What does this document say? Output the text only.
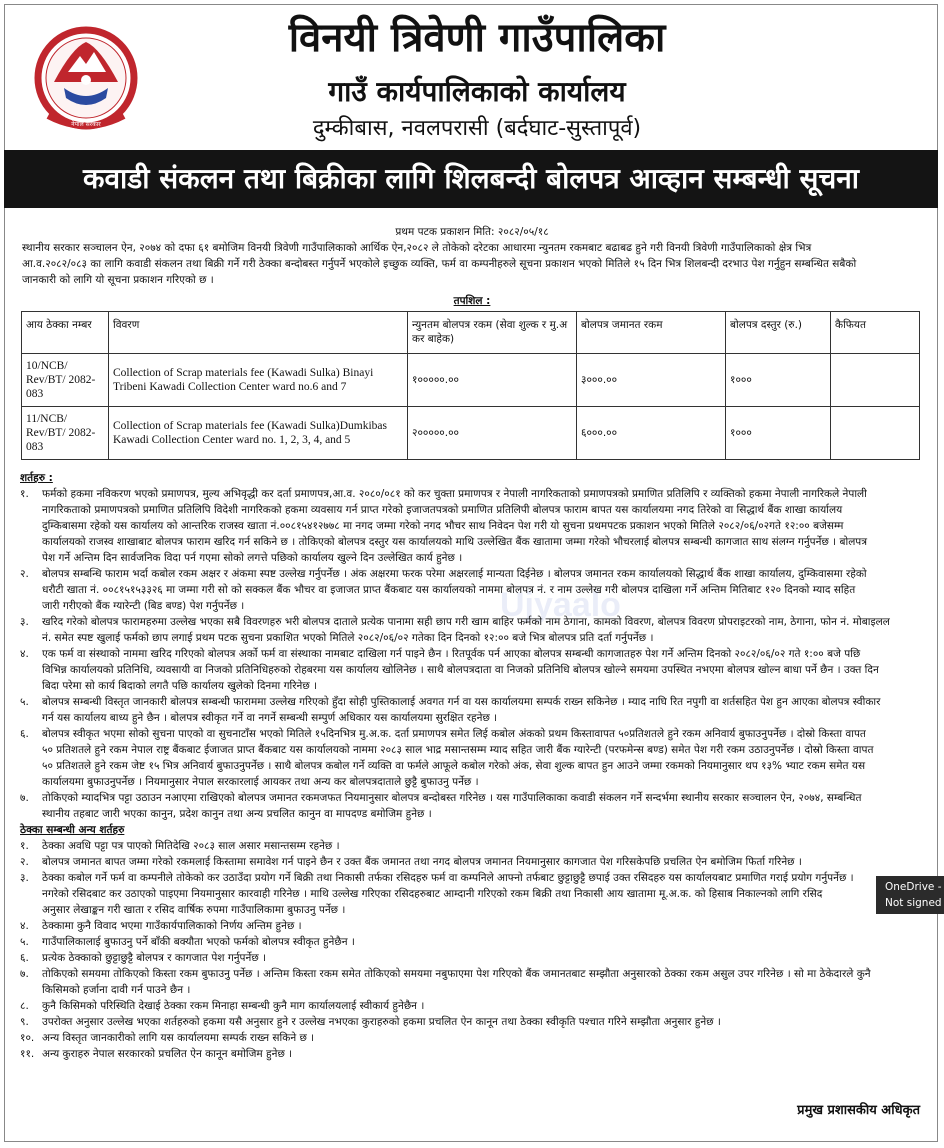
नेपाल सरकार
विनयी त्रिवेणी गाउँपालिका
गाउँ कार्यपालिकाको कार्यालय
दुम्कीबास, नवलपरासी (बर्दघाट-सुस्तापूर्व)
कवाडी संकलन तथा बिक्रीका लागि शिलबन्दी बोलपत्र आव्हान सम्बन्धी सूचना
Ujyaalo
प्रथम पटक प्रकाशन मिति: २०८२/०५/१८
स्थानीय सरकार सञ्चालन ऐन, २०७४ को दफा ६१ बमोजिम विनयी त्रिवेणी गाउँपालिकाको आर्थिक ऐन,२०८२ ले तोकेको दरेटका आधारमा न्युनतम रकमबाट बढाबढ हुने गरी विनयी त्रिवेणी गाउँपालिकाको क्षेत्र भित्र
आ.व.२०८२/०८३ का लागि कवाडी संकलन तथा बिक्री गर्ने गरी ठेक्का बन्दोबस्त गर्नुपर्ने भएकोले इच्छुक व्यक्ति, फर्म वा कम्पनीहरुले सूचना प्रकाशन भएको मितिले १५ दिन भित्र शिलबन्दी दरभाउ पेश गर्नुहुन सम्बन्धित सबैको
जानकारी को लागि यो सूचना प्रकाशन गरिएको छ ।
तपशिल :
आय ठेक्का नम्बर	विवरण	न्युनतम बोलपत्र रकम (सेवा शुल्क र मु.अ कर बाहेक)	बोलपत्र जमानत रकम	बोलपत्र दस्तुर (रु.)	कैफियत
10/NCB/ Rev/BT/ 2082-083	Collection of Scrap materials fee (Kawadi Sulka) Binayi Tribeni Kawadi Collection Center ward no.6 and 7	१०००००.००	३०००.००	१०००	
11/NCB/ Rev/BT/ 2082-083	Collection of Scrap materials fee (Kawadi Sulka)Dumkibas Kawadi Collection Center ward no. 1, 2, 3, 4, and 5	२०००००.००	६०००.००	१०००	
शर्तहरु :
१. फर्मको हकमा नविकरण भएको प्रमाणपत्र, मुल्य अभिवृद्धी कर दर्ता प्रमाणपत्र,आ.व. २०८०/०८१ को कर चुक्ता प्रमाणपत्र र नेपाली नागरिकताको प्रमाणपत्रको प्रमाणित प्रतिलिपि र व्यक्तिको हकमा नेपाली नागरिकले नेपाली
नागरिकताको प्रमाणपत्रको प्रमाणित प्रतिलिपि विदेशी नागरिकको हकमा व्यवसाय गर्न प्राप्त गरेको इजाजतपत्रको प्रमाणित प्रतिलिपी बोलपत्र फाराम बापत यस कार्यालयमा नगद तिरेको वा सिद्धार्थ बैंक शाखा कार्यालय
दुम्किबासमा रहेको यस कार्यालय को आन्तरिक राजस्व खाता नं.००८१५४१२७७८ मा नगद जम्मा गरेको नगद भौचर साथ निवेदन पेश गरी यो सुचना प्रथमपटक प्रकाशन भएको मितिले २०८२/०६/०२गते १२:०० बजेसम्म
कार्यालयको राजस्व शाखाबाट बोलपत्र फाराम खरिद गर्न सकिने छ । तोकिएको बोलपत्र दस्तुर यस कार्यालयको माथि उल्लेखित बैंक खातामा जम्मा गरेको भौचरलाई बोलपत्र सम्बन्धी कागजात साथ संलग्न गर्नुपर्नेछ । बोलपत्र
पेश गर्ने अन्तिम दिन सार्वजनिक विदा पर्न गएमा सोको लगत्ते पछिको कार्यालय खुल्ने दिन उल्लेखित कार्य हुनेछ ।
२. बोलपत्र सम्बन्धि फाराम भर्दा कबोल रकम अक्षर र अंकमा स्पष्ट उल्लेख गर्नुपर्नेछ । अंक अक्षरमा फरक परेमा अक्षरलाई मान्यता दिईनेछ । बोलपत्र जमानत रकम कार्यालयको सिद्धार्थ बैंक शाखा कार्यालय, दुम्किवासमा रहेको
धरौटी खाता नं. ००८१५१५३३२६ मा जम्मा गरी सो को सक्कल बैंक भौचर वा इजाजत प्राप्त बैंकबाट यस कार्यालयको नाममा बोलपत्र नं. र नाम उल्लेख गरी बोलपत्र दाखिला गर्ने अन्तिम मितिबाट १२० दिनको म्याद सहित
जारी गरीएको बैंक ग्यारेन्टी (बिड बण्ड) पेश गर्नुपर्नेछ ।
३. खरिद गरेको बोलपत्र फारामहरुमा उल्लेख भएका सबै विवरणहरु भरी बोलपत्र दाताले प्रत्येक पानामा सही छाप गरी खाम बाहिर फर्मको नाम ठेगाना, कामको विवरण, बोलपत्र विवरण प्रोपराइटरको नाम, ठेगाना, फोन नं. मोबाइलल
नं. समेत स्पष्ट खुलाई फर्मको छाप लगाई प्रथम पटक सुचना प्रकाशित भएको मितिले २०८२/०६/०२ गतेका दिन दिनको १२:०० बजे भित्र बोलपत्र प्रति दर्ता गर्नुपर्नेछ ।
४. एक फर्म वा संस्थाको नाममा खरिद गरिएको बोलपत्र अर्को फर्म वा संस्थाका नामबाट दाखिला गर्न पाइने छैन । रितपूर्वक पर्न आएका बोलपत्र सम्बन्धी कागजातहरु पेश गर्ने अन्तिम दिनको २०८२/०६/०२ गते १:०० बजे पछि
विभिन्न कार्यालयको प्रतिनिधि, व्यवसायी वा निजको प्रतिनिधिहरुको रोहबरमा यस कार्यालय खोलिनेछ । साथै बोलपत्रदाता वा निजको प्रतिनिधि बोलपत्र खोल्ने समयमा उपस्थित नभएमा बोलपत्र खोल्न बाधा पर्ने छैन । उक्त दिन
बिदा परेमा सो कार्य बिदाको लगतै पछि कार्यालय खुलेको दिनमा गरिनेछ ।
५. बोलपत्र सम्बन्धी विस्तृत जानकारी बोलपत्र सम्बन्धी फाराममा उल्लेख गरिएको हुँदा सोही पुस्तिकालाई अवगत गर्न वा यस कार्यालयमा सम्पर्क राख्न सकिनेछ । म्याद नाघि रित नपुगी वा शर्तसहित पेश हुन आएका बोलपत्र स्वीकार
गर्न यस कार्यालय बाध्य हुने छैन । बोलपत्र स्वीकृत गर्ने वा नगर्ने सम्बन्धी सम्पुर्ण अधिकार यस कार्यालयमा सुरक्षित रहनेछ ।
६. बोलपत्र स्वीकृत भएमा सोको सुचना पाएको वा सुचनाटाँस भएको मितिले १५दिनभित्र मु.अ.क. दर्ता प्रमाणपत्र समेत लिई कबोल अंकको प्रथम किस्तावापत ५०प्रतिशतले हुने रकम अनिवार्य बुफाउनुपर्नेछ । दोस्रो किस्ता वापत
५० प्रतिशतले हुने रकम नेपाल राष्ट्र बैंकबाट ईजाजत प्राप्त बैंकबाट यस कार्यालयको नाममा २०८३ साल भाद्र मसान्तसम्म म्याद सहित जारी बैंक ग्यारेन्टी (परफमेन्स बण्ड) समेत पेश गरी रकम उठाउनुपर्नेछ । दोस्रो किस्ता वापत
५० प्रतिशतले हुने रकम जेष्ट १५ भित्र अनिवार्य बुफाउनुपर्नेछ । साथै बोलपत्र कबोल गर्ने व्यक्ति वा फर्मले आफूले कबोल गरेको अंक, सेवा शुल्क बापत हुन आउने जम्मा रकमको नियमानुसार थप १३% भ्याट रकम समेत यस
कार्यालयमा बुफाउनुपर्नेछ । नियमानुसार नेपाल सरकारलाई आयकर तथा अन्य कर बोलपत्रदाताले छुट्टै बुफाउनु पर्नेछ ।
७. तोकिएको म्यादभित्र पट्टा उठाउन नआएमा राखिएको बोलपत्र जमानत रकमजफत नियमानुसार बोलपत्र बन्दोबस्त गरिनेछ । यस गाउँपालिकाका कवाडी संकलन गर्ने सन्दर्भमा स्थानीय सरकार सञ्चालन ऐन, २०७४, सम्बन्धित
स्थानीय तहबाट जारी भएका कानुन, प्रदेश कानुन तथा अन्य प्रचलित कानुन वा मापदण्ड बमोजिम हुनेछ ।
ठेक्का सम्बन्धी अन्य शर्तहरु
१. ठेक्का अवधि पट्टा पत्र पाएको मितिदेखि २०८३ साल असार मसान्तसम्म रहनेछ ।
२. बोलपत्र जमानत बापत जम्मा गरेको रकमलाई किस्तामा समावेश गर्न पाइने छैन र उक्त बैंक जमानत तथा नगद बोलपत्र जमानत नियमानुसार कागजात पेश गरिसकेपछि प्रचलित ऐन बमोजिम फिर्ता गरिनेछ ।
३. ठेक्का कबोल गर्ने फर्म वा कम्पनीले तोकेको कर उठाउँदा प्रयोग गर्ने बिक्री तथा निकासी तर्फका रसिदहरु फर्म वा कम्पनिले आफ्नो तर्फबाट छुट्टाछुट्टै छपाई उक्त रसिदहरु यस कार्यालयबाट प्रमाणित गराई प्रयोग गर्नुपर्नेछ ।
नगरेको रसिदबाट कर उठाएको पाइएमा नियमानुसार कारवाही गरिनेछ । माथि उल्लेख गरिएका रसिदहरुबाट आम्दानी गरिएको रकम बिक्री तथा निकासी आय खातामा मू.अ.क. को हिसाब निकाल्नको लागि रसिद
अनुसार लेखाङ्कन गरी खाता र रसिद वार्षिक रुपमा गाउँपालिकामा बुफाउनु पर्नेछ ।
४. ठेक्कामा कुनै विवाद भएमा गाउँकार्यपालिकाको निर्णय अन्तिम हुनेछ ।
५. गाउँपालिकालाई बुफाउनु पर्ने बाँकी बक्यौता भएको फर्मको बोलपत्र स्वीकृत हुनेछैन ।
६. प्रत्येक ठेक्काको छुट्टाछुट्टै बोलपत्र र कागजात पेश गर्नुपर्नेछ ।
७. तोकिएको समयमा तोकिएको किस्ता रकम बुफाउनु पर्नेछ । अन्तिम किस्ता रकम समेत तोकिएको समयमा नबुफाएमा पेश गरिएको बैंक जमानतबाट सम्झौता अनुसारको ठेक्का रकम असुल उपर गरिनेछ । सो मा ठेकेदारले कुनै
किसिमको हर्जाना दावी गर्न पाउने छैन ।
८. कुनै किसिमको परिस्थिति देखाई ठेक्का रकम मिनाहा सम्बन्धी कुनै माग कार्यालयलाई स्वीकार्य हुनेछैन ।
९. उपरोक्त अनुसार उल्लेख भएका शर्तहरुको हकमा यसै अनुसार हुने र उल्लेख नभएका कुराहरुको हकमा प्रचलित ऐन कानून तथा ठेक्का स्वीकृति पश्चात गरिने सम्झौता अनुसार हुनेछ ।
१०. अन्य विस्तृत जानकारीको लागि यस कार्यालयमा सम्पर्क राख्न सकिने छ ।
११. अन्य कुराहरु नेपाल सरकारको प्रचलित ऐन कानून बमोजिम हुनेछ ।
OneDrive -
Not signed
प्रमुख प्रशासकीय अधिकृत
